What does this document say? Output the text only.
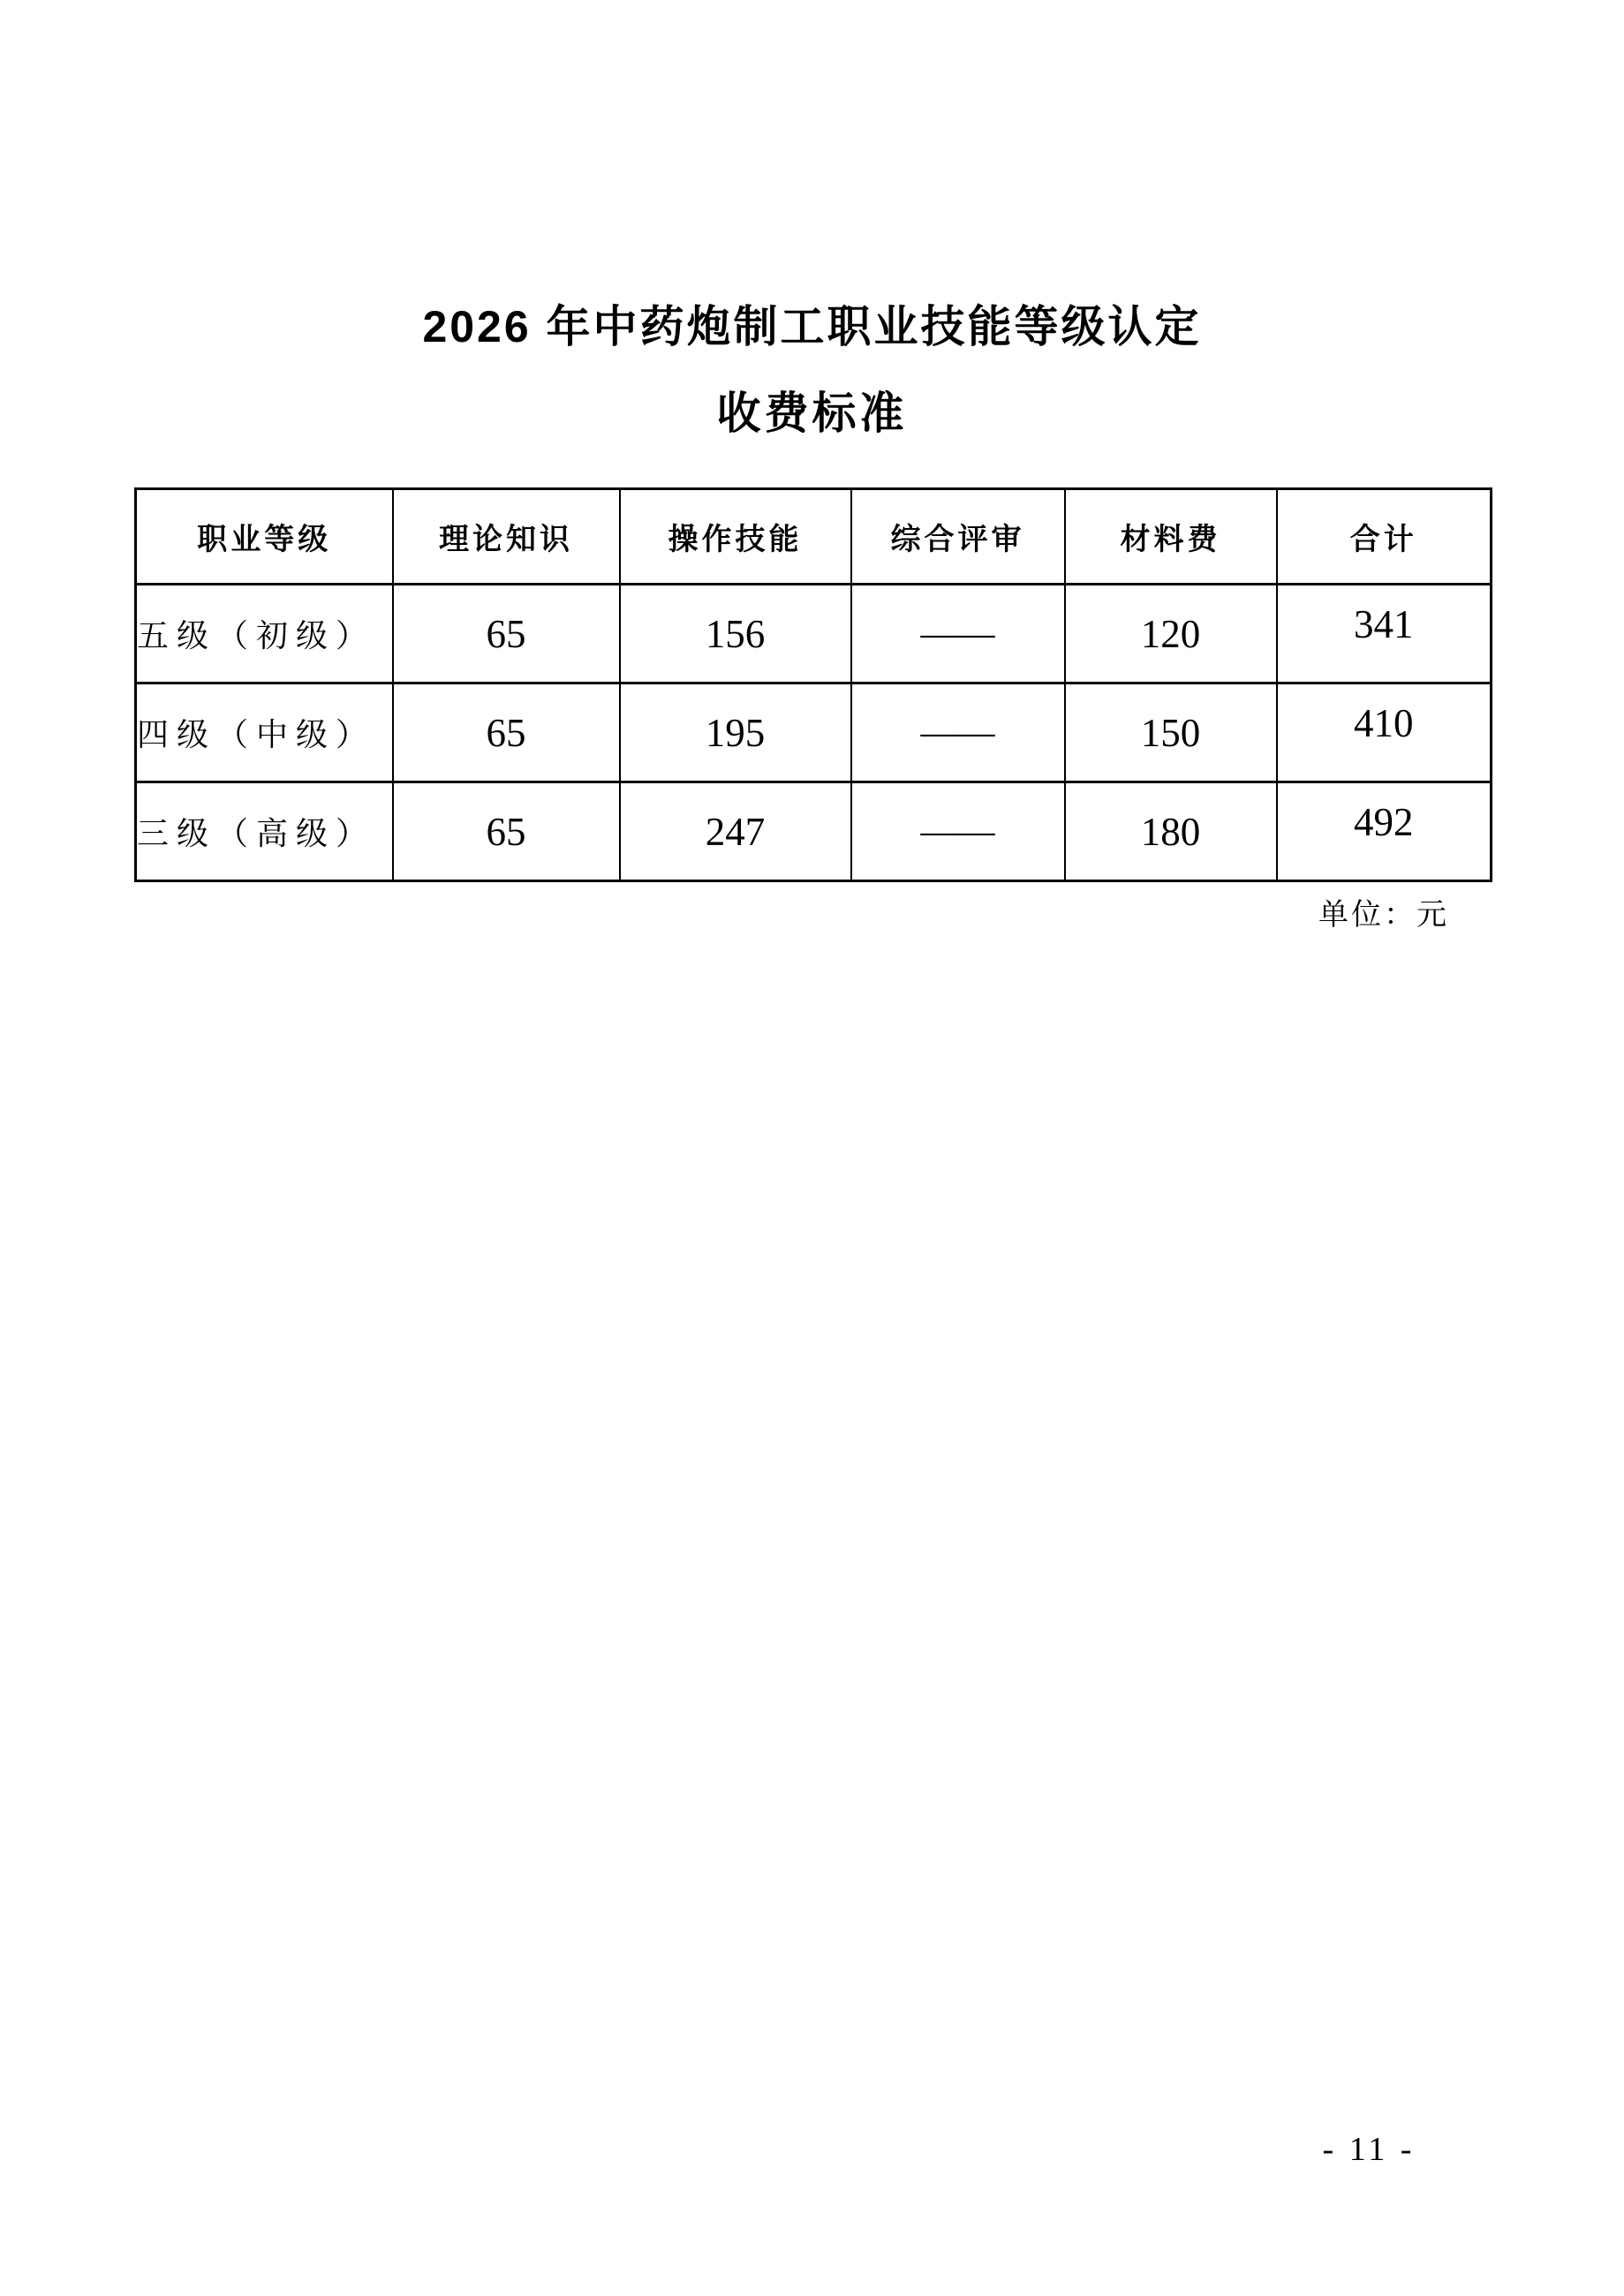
2026 年中药炮制工职业技能等级认定
收费标准
职业等级	理论知识	操作技能	综合评审	材料费	合计
五级（初级）	65	156	——	120	341
四级（中级）	65	195	——	150	410
三级（高级）	65	247	——	180	492
单位：元
- 11 -
